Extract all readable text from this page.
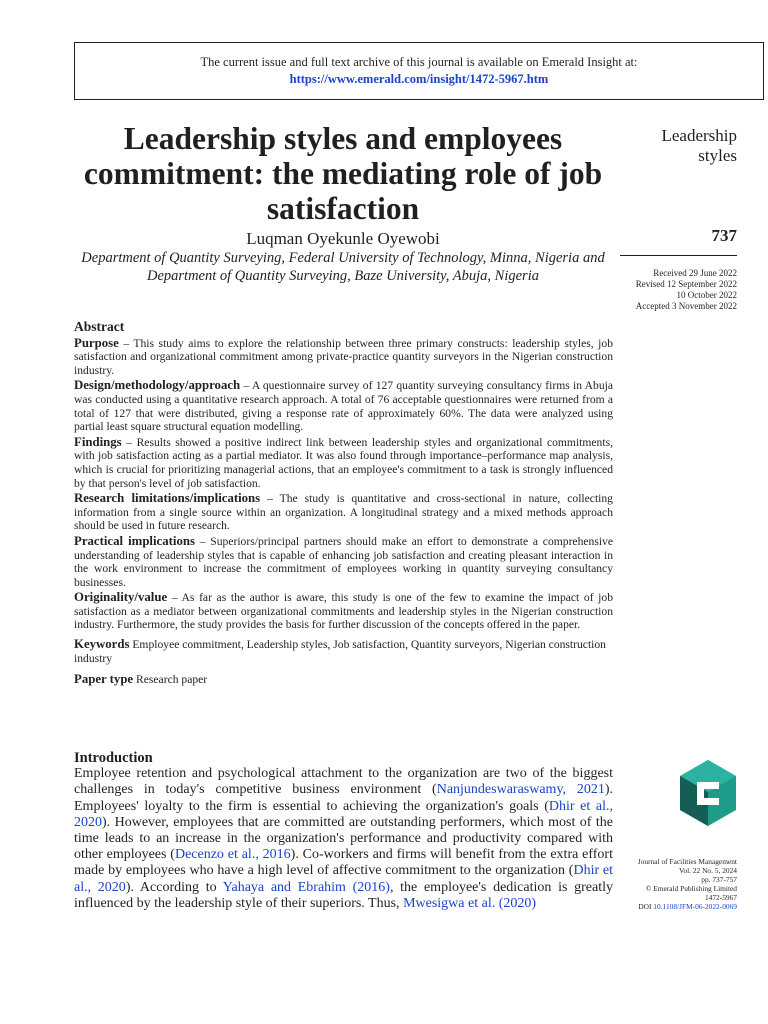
The current issue and full text archive of this journal is available on Emerald Insight at:
https://www.emerald.com/insight/1472-5967.htm
Leadership styles and employees commitment: the mediating role of job satisfaction
Luqman Oyekunle Oyewobi
Department of Quantity Surveying, Federal University of Technology, Minna, Nigeria and Department of Quantity Surveying, Baze University, Abuja, Nigeria
Leadership styles
737
Received 29 June 2022
Revised 12 September 2022
10 October 2022
Accepted 3 November 2022
Abstract

Purpose – This study aims to explore the relationship between three primary constructs: leadership styles, job satisfaction and organizational commitment among private-practice quantity surveyors in the Nigerian construction industry.

Design/methodology/approach – A questionnaire survey of 127 quantity surveying consultancy firms in Abuja was conducted using a quantitative research approach. A total of 76 acceptable questionnaires were returned from a total of 127 that were distributed, giving a response rate of approximately 60%. The data were analyzed using partial least square structural equation modelling.

Findings – Results showed a positive indirect link between leadership styles and organizational commitments, with job satisfaction acting as a partial mediator. It was also found through importance–performance map analysis, which is crucial for prioritizing managerial actions, that an employee's commitment to a task is strongly influenced by that person's level of job satisfaction.

Research limitations/implications – The study is quantitative and cross-sectional in nature, collecting information from a single source within an organization. A longitudinal strategy and a mixed methods approach should be used in future research.

Practical implications – Superiors/principal partners should make an effort to demonstrate a comprehensive understanding of leadership styles that is capable of enhancing job satisfaction and creating pleasant interaction in the work environment to increase the commitment of employees working in quantity surveying consultancy businesses.

Originality/value – As far as the author is aware, this study is one of the few to examine the impact of job satisfaction as a mediator between organizational commitments and leadership styles in the Nigerian construction industry. Furthermore, the study provides the basis for further discussion of the concepts offered in the paper.

Keywords Employee commitment, Leadership styles, Job satisfaction, Quantity surveyors, Nigerian construction industry

Paper type Research paper

Introduction

Employee retention and psychological attachment to the organization are two of the biggest challenges in today's competitive business environment (Nanjundeswaraswamy, 2021). Employees' loyalty to the firm is essential to achieving the organization's goals (Dhir et al., 2020). However, employees that are committed are outstanding performers, which most of the time leads to an increase in the organization's performance and productivity compared with other employees (Decenzo et al., 2016). Co-workers and firms will benefit from the extra effort made by employees who have a high level of affective commitment to the organization (Dhir et al., 2020). According to Yahaya and Ebrahim (2016), the employee's dedication is greatly influenced by the leadership style of their superiors. Thus, Mwesigwa et al. (2020)

Journal of Facilities Management
Vol. 22 No. 5, 2024
pp. 737-757
© Emerald Publishing Limited
1472-5967
DOI 10.1108/JFM-06-2022-0069
